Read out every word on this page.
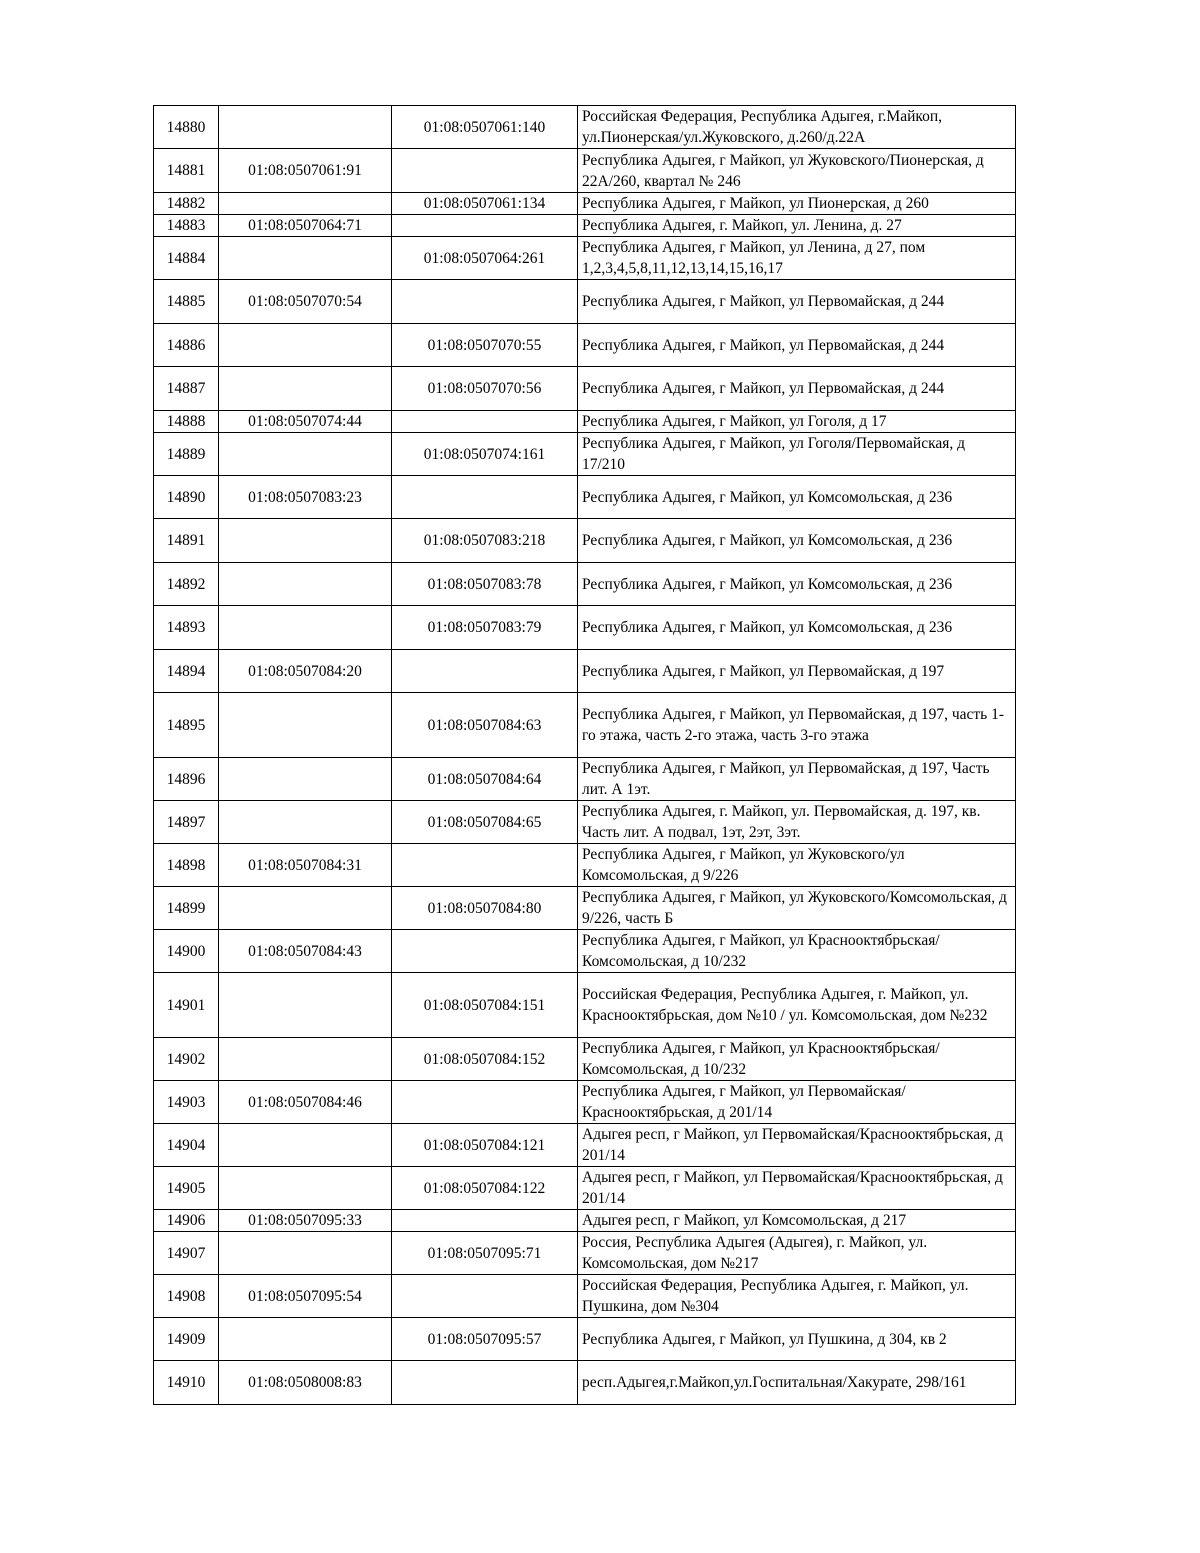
14880		01:08:0507061:140	Российская Федерация, Республика Адыгея, г.Майкоп, ул.Пионерская/ул.Жуковского, д.260/д.22А
14881	01:08:0507061:91		Республика Адыгея, г Майкоп, ул Жуковского/Пионерская, д 22А/260, квартал № 246
14882		01:08:0507061:134	Республика Адыгея, г Майкоп, ул Пионерская, д 260
14883	01:08:0507064:71		Республика Адыгея, г. Майкоп, ул. Ленина, д. 27
14884		01:08:0507064:261	Республика Адыгея, г Майкоп, ул Ленина, д 27, пом 1,2,3,4,5,8,11,12,13,14,15,16,17
14885	01:08:0507070:54		Республика Адыгея, г Майкоп, ул Первомайская, д 244
14886		01:08:0507070:55	Республика Адыгея, г Майкоп, ул Первомайская, д 244
14887		01:08:0507070:56	Республика Адыгея, г Майкоп, ул Первомайская, д 244
14888	01:08:0507074:44		Республика Адыгея, г Майкоп, ул Гоголя, д 17
14889		01:08:0507074:161	Республика Адыгея, г Майкоп, ул Гоголя/Первомайская, д 17/210
14890	01:08:0507083:23		Республика Адыгея, г Майкоп, ул Комсомольская, д 236
14891		01:08:0507083:218	Республика Адыгея, г Майкоп, ул Комсомольская, д 236
14892		01:08:0507083:78	Республика Адыгея, г Майкоп, ул Комсомольская, д 236
14893		01:08:0507083:79	Республика Адыгея, г Майкоп, ул Комсомольская, д 236
14894	01:08:0507084:20		Республика Адыгея, г Майкоп, ул Первомайская, д 197
14895		01:08:0507084:63	Республика Адыгея, г Майкоп, ул Первомайская, д 197, часть 1-го этажа, часть 2-го этажа, часть 3-го этажа
14896		01:08:0507084:64	Республика Адыгея, г Майкоп, ул Первомайская, д 197, Часть лит. А 1эт.
14897		01:08:0507084:65	Республика Адыгея, г. Майкоп, ул. Первомайская, д. 197, кв. Часть лит. А подвал, 1эт, 2эт, 3эт.
14898	01:08:0507084:31		Республика Адыгея, г Майкоп, ул Жуковского/ул Комсомольская, д 9/226
14899		01:08:0507084:80	Республика Адыгея, г Майкоп, ул Жуковского/Комсомольская, д 9/226, часть Б
14900	01:08:0507084:43		Республика Адыгея, г Майкоп, ул Краснооктябрьская/Комсомольская, д 10/232
14901		01:08:0507084:151	Российская Федерация, Республика Адыгея, г. Майкоп, ул. Краснооктябрьская, дом №10 / ул. Комсомольская, дом №232
14902		01:08:0507084:152	Республика Адыгея, г Майкоп, ул Краснооктябрьская/Комсомольская, д 10/232
14903	01:08:0507084:46		Республика Адыгея, г Майкоп, ул Первомайская/Краснооктябрьская, д 201/14
14904		01:08:0507084:121	Адыгея респ, г Майкоп, ул Первомайская/Краснооктябрьская, д 201/14
14905		01:08:0507084:122	Адыгея респ, г Майкоп, ул Первомайская/Краснооктябрьская, д 201/14
14906	01:08:0507095:33		Адыгея респ, г Майкоп, ул Комсомольская, д 217
14907		01:08:0507095:71	Россия, Республика Адыгея (Адыгея), г. Майкоп, ул. Комсомольская, дом №217
14908	01:08:0507095:54		Российская Федерация, Республика Адыгея, г. Майкоп, ул. Пушкина, дом №304
14909		01:08:0507095:57	Республика Адыгея, г Майкоп, ул Пушкина, д 304, кв 2
14910	01:08:0508008:83		респ.Адыгея,г.Майкоп,ул.Госпитальная/Хакурате, 298/161
